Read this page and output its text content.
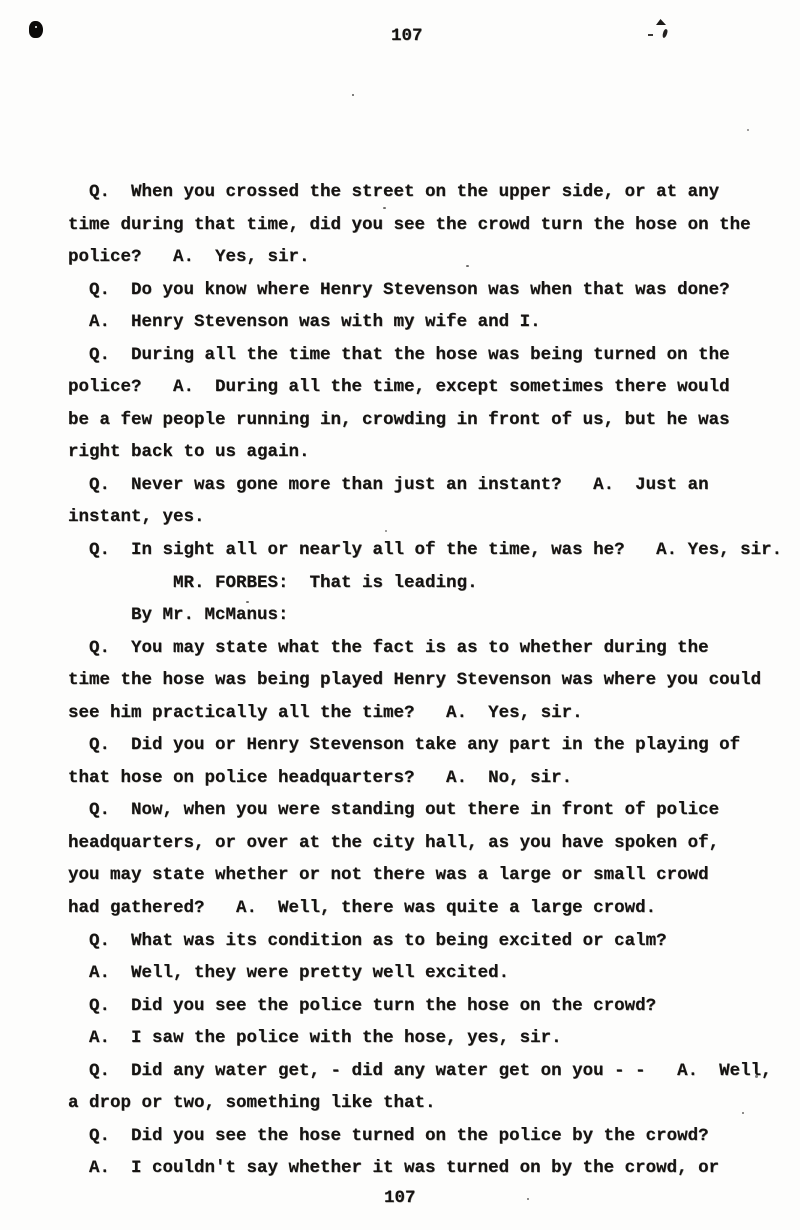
107
Q.  When you crossed the street on the upper side, or at any
time during that time, did you see the crowd turn the hose on the
police?   A.  Yes, sir.
Q.  Do you know where Henry Stevenson was when that was done?
A.  Henry Stevenson was with my wife and I.
Q.  During all the time that the hose was being turned on the
police?   A.  During all the time, except sometimes there would
be a few people running in, crowding in front of us, but he was
right back to us again.
Q.  Never was gone more than just an instant?   A.  Just an
instant, yes.
Q.  In sight all or nearly all of the time, was he?   A. Yes, sir.
MR. FORBES:  That is leading.
By Mr. McManus:
Q.  You may state what the fact is as to whether during the
time the hose was being played Henry Stevenson was where you could
see him practically all the time?   A.  Yes, sir.
Q.  Did you or Henry Stevenson take any part in the playing of
that hose on police headquarters?   A.  No, sir.
Q.  Now, when you were standing out there in front of police
headquarters, or over at the city hall, as you have spoken of,
you may state whether or not there was a large or small crowd
had gathered?   A.  Well, there was quite a large crowd.
Q.  What was its condition as to being excited or calm?
A.  Well, they were pretty well excited.
Q.  Did you see the police turn the hose on the crowd?
A.  I saw the police with the hose, yes, sir.
Q.  Did any water get, - did any water get on you - -   A.  Well,
a drop or two, something like that.
Q.  Did you see the hose turned on the police by the crowd?
A.  I couldn't say whether it was turned on by the crowd, or
107
